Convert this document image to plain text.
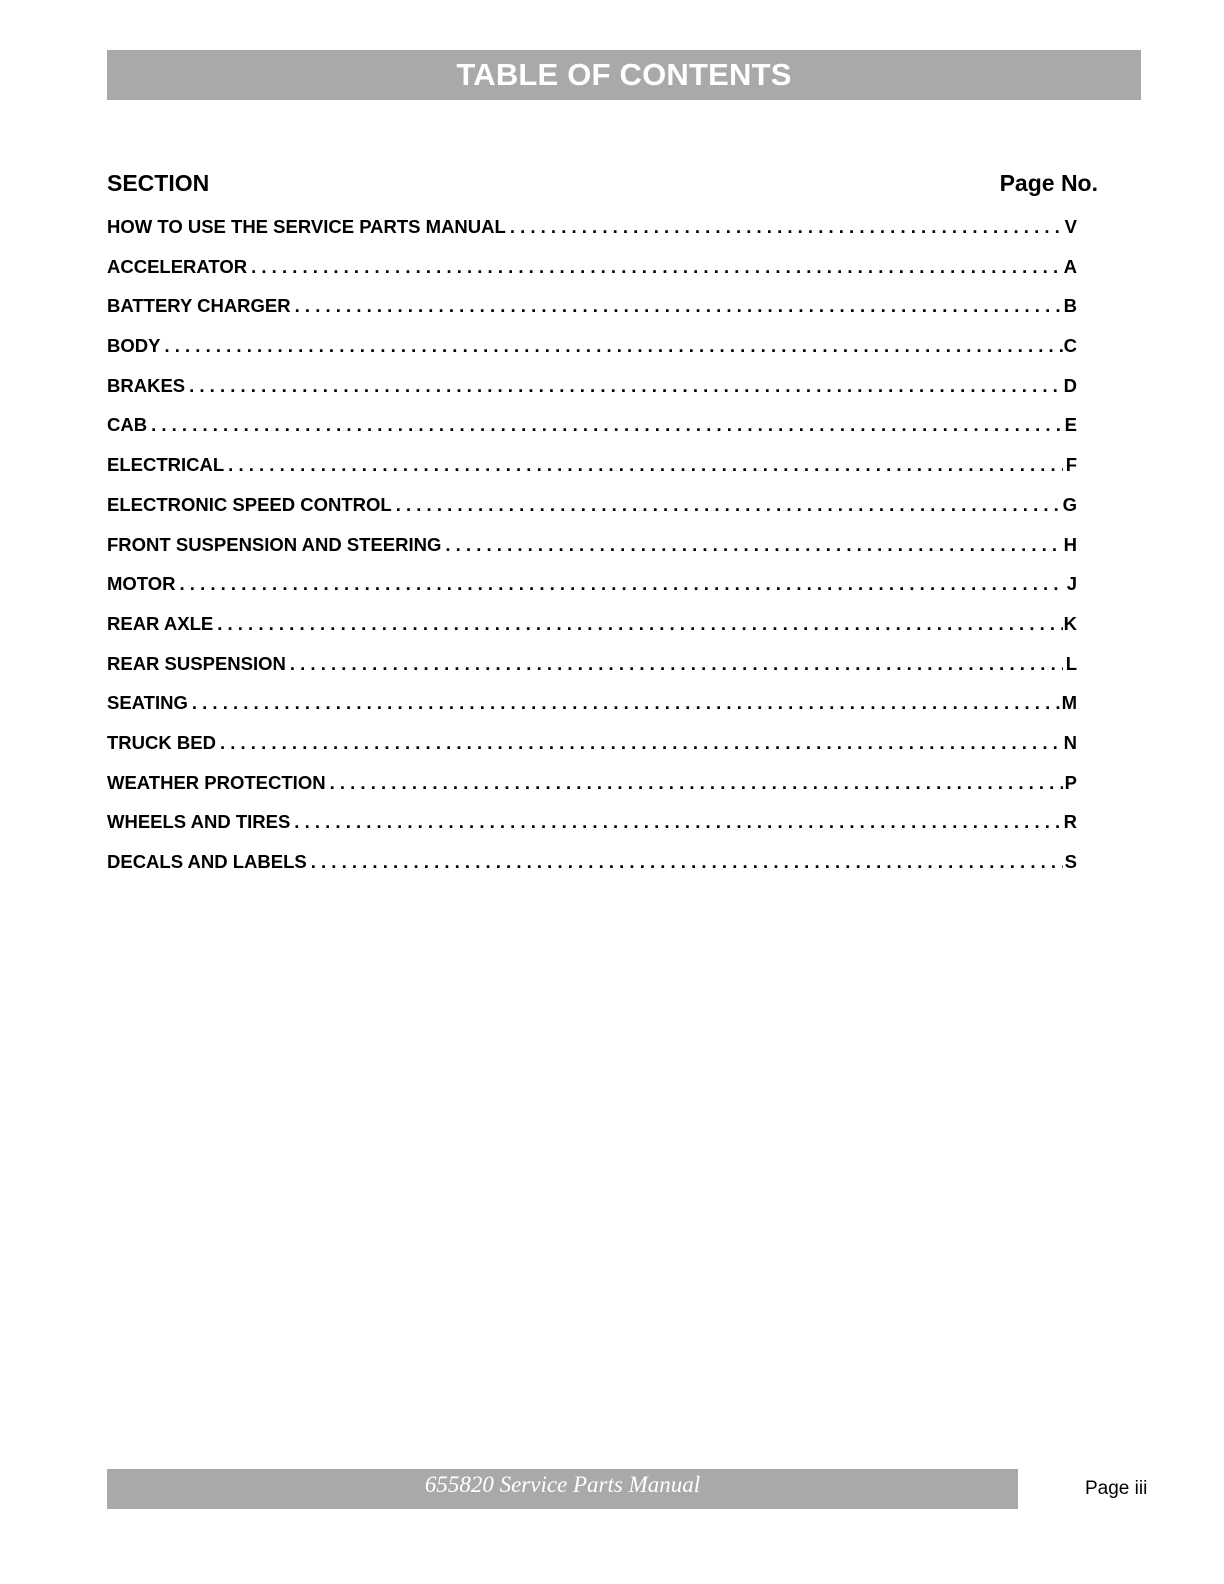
TABLE OF CONTENTS
SECTION	Page No.
HOW TO USE THE SERVICE PARTS MANUAL . . .	V
ACCELERATOR . . .	A
BATTERY CHARGER . . .	B
BODY . . .	C
BRAKES . . .	D
CAB . . .	E
ELECTRICAL . . .	F
ELECTRONIC SPEED CONTROL . . .	G
FRONT SUSPENSION AND STEERING . . .	H
MOTOR . . .	J
REAR AXLE . . .	K
REAR SUSPENSION . . .	L
SEATING . . .	M
TRUCK BED . . .	N
WEATHER PROTECTION . . .	P
WHEELS AND TIRES . . .	R
DECALS AND LABELS . . .	S
655820 Service Parts Manual	Page iii
